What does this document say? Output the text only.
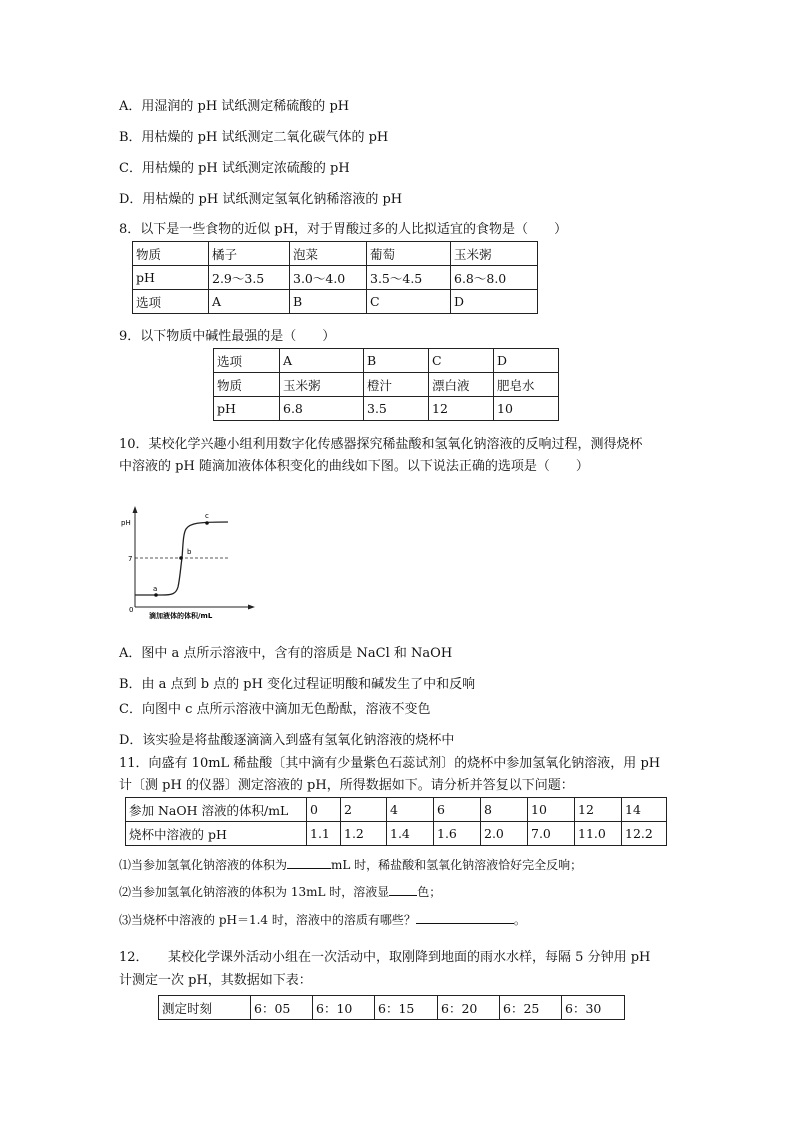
A．用湿润的 pH 试纸测定稀硫酸的 pH
B．用枯燥的 pH 试纸测定二氧化碳气体的 pH
C．用枯燥的 pH 试纸测定浓硫酸的 pH
D．用枯燥的 pH 试纸测定氢氧化钠稀溶液的 pH
8．以下是一些食物的近似 pH，对于胃酸过多的人比拟适宜的食物是（　　）
物质	橘子	泡菜	葡萄	玉米粥
pH	2.9～3.5	3.0～4.0	3.5～4.5	6.8～8.0
选项	A	B	C	D
9．以下物质中碱性最强的是（　　）
选项	A	B	C	D
物质	玉米粥	橙汁	漂白液	肥皂水
pH	6.8	3.5	12	10
10．某校化学兴趣小组利用数字化传感器探究稀盐酸和氢氧化钠溶液的反响过程，测得烧杯
中溶液的 pH 随滴加液体体积变化的曲线如下图。以下说法正确的选项是（　　）
pH
7
0
a
b
c
滴加液体的体积/mL
A．图中 a 点所示溶液中，含有的溶质是 NaCl 和 NaOH
B．由 a 点到 b 点的 pH 变化过程证明酸和碱发生了中和反响
C．向图中 c 点所示溶液中滴加无色酚酞，溶液不变色
D．该实验是将盐酸逐滴滴入到盛有氢氧化钠溶液的烧杯中
11．向盛有 10mL 稀盐酸〔其中滴有少量紫色石蕊试剂〕的烧杯中参加氢氧化钠溶液，用 pH
计〔测 pH 的仪器〕测定溶液的 pH，所得数据如下。请分析并答复以下问题：
参加 NaOH 溶液的体积/mL	0	2	4	6	8	10	12	14
烧杯中溶液的 pH	1.1	1.2	1.4	1.6	2.0	7.0	11.0	12.2
⑴当参加氢氧化钠溶液的体积为	mL 时，稀盐酸和氢氧化钠溶液恰好完全反响；
⑵当参加氢氧化钠溶液的体积为 13mL 时，溶液显 色；
⑶当烧杯中溶液的 pH＝1.4 时，溶液中的溶质有哪些？	。
12．　　某校化学课外活动小组在一次活动中，取刚降到地面的雨水水样，每隔 5 分钟用 pH
计测定一次 pH，其数据如下表：
测定时刻	6：05	6：10	6：15	6：20	6：25	6：30
